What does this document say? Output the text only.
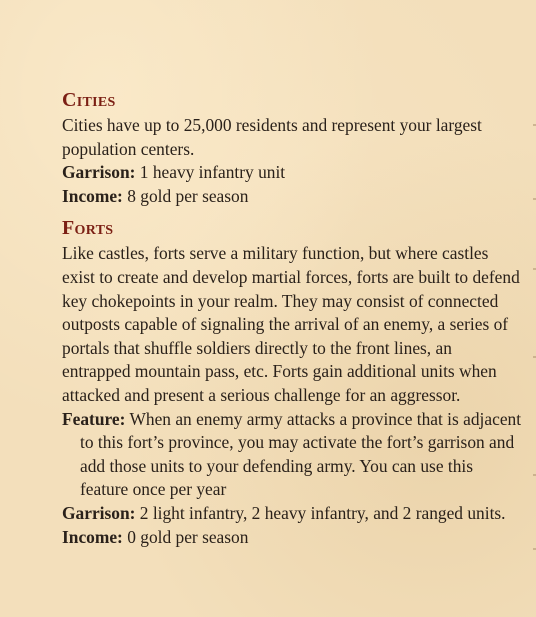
Cities

Cities have up to 25,000 residents and represent your largest population centers.

Garrison: 1 heavy infantry unit

Income: 8 gold per season

Forts

Like castles, forts serve a military function, but where castles exist to create and develop martial forces, forts are built to defend key chokepoints in your realm. They may consist of connected outposts capable of signaling the arrival of an enemy, a series of portals that shuffle soldiers directly to the front lines, an entrapped mountain pass, etc. Forts gain additional units when attacked and present a serious challenge for an aggressor.

Feature: When an enemy army attacks a province that is adjacent to this fort’s province, you may activate the fort’s garrison and add those units to your defending army. You can use this feature once per year

Garrison: 2 light infantry, 2 heavy infantry, and 2 ranged units.

Income: 0 gold per season
